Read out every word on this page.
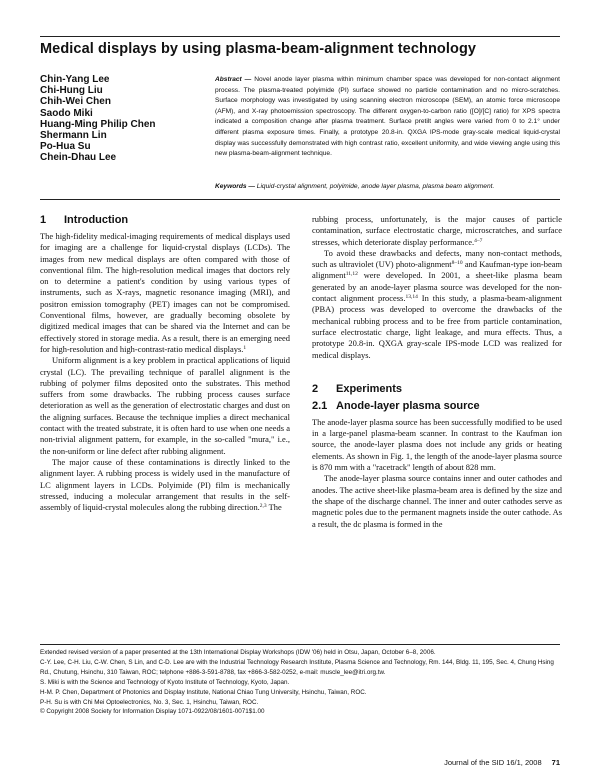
Medical displays by using plasma-beam-alignment technology
Chin-Yang Lee
Chi-Hung Liu
Chih-Wei Chen
Saodo Miki
Huang-Ming Philip Chen
Shermann Lin
Po-Hua Su
Chein-Dhau Lee
Abstract — Novel anode layer plasma within minimum chamber space was developed for non-contact alignment process. The plasma-treated polyimide (PI) surface showed no particle contamination and no micro-scratches. Surface morphology was investigated by using scanning electron microscope (SEM), an atomic force microscope (AFM), and X-ray photoemission spectroscopy. The different oxygen-to-carbon ratio ([O]/[C] ratio) for XPS spectra indicated a composition change after plasma treatment. Surface pretilt angles were varied from 0 to 2.1° under different plasma exposure times. Finally, a prototype 20.8-in. QXGA IPS-mode gray-scale medical liquid-crystal display was successfully demonstrated with high contrast ratio, excellent uniformity, and wide viewing angle using this new plasma-beam-alignment technique.
Keywords — Liquid-crystal alignment, polyimide, anode layer plasma, plasma beam alignment.
1 Introduction

The high-fidelity medical-imaging requirements of medical displays used for imaging are a challenge for liquid-crystal displays (LCDs). The images from new medical displays are often compared with those of conventional film. The high-resolution medical images that doctors rely on to determine a patient's condition by using various types of instruments, such as X-rays, magnetic resonance imaging (MRI), and positron emission tomography (PET) images can not be compromised. Conventional films, however, are gradually becoming obsolete by digitized medical images that can be shared via the Internet and can be effectively stored in storage media. As a result, there is an emerging need for high-resolution and high-contrast-ratio medical displays.$^1$

Uniform alignment is a key problem in practical applications of liquid crystal (LC). The prevailing technique of parallel alignment is the rubbing of polymer films deposited onto the substrates. This method suffers from some drawbacks. The rubbing process causes surface deterioration as well as the generation of electrostatic charges and dust on the aligning surfaces. Because the technique implies a direct mechanical contact with the treated substrate, it is often hard to use when one needs a non-trivial alignment pattern, for example, in the so-called "mura," i.e., the non-uniform or line defect after rubbing alignment.

The major cause of these contaminations is directly linked to the alignment layer. A rubbing process is widely used in the manufacture of LC alignment layers in LCDs. Polyimide (PI) film is mechanically stressed, inducing a molecular arrangement that results in the self-assembly of liquid-crystal molecules along the rubbing direction.$^{2,3}$ The

rubbing process, unfortunately, is the major causes of particle contamination, surface electrostatic charge, microscratches, and surface stresses, which deteriorate display performance.$^{4-7}$

To avoid these drawbacks and defects, many non-contact methods, such as ultraviolet (UV) photo-alignment$^{8-10}$ and Kaufman-type ion-beam alignment$^{11,12}$ were developed. In 2001, a sheet-like plasma beam generated by an anode-layer plasma source was developed for the non-contact alignment process.$^{13,14}$ In this study, a plasma-beam-alignment (PBA) process was developed to overcome the drawbacks of the mechanical rubbing process and to be free from particle contamination, surface electrostatic charge, light leakage, and mura effects. Thus, a prototype 20.8-in. QXGA gray-scale IPS-mode LCD was realized for medical displays.

2 Experiments
2.1 Anode-layer plasma source

The anode-layer plasma source has been successfully modified to be used in a large-panel plasma-beam scanner. In contrast to the Kaufman ion source, the anode-layer plasma does not include any grids or heating elements. As shown in Fig. 1, the length of the anode-layer plasma source is 870 mm with a "racetrack" length of about 828 mm.

The anode-layer plasma source contains inner and outer cathodes and anodes. The active sheet-like plasma-beam area is defined by the size and the shape of the discharge channel. The inner and outer cathodes serve as magnetic poles due to the permanent magnets inside the outer cathode. As a result, the dc plasma is formed in the

Extended revised version of a paper presented at the 13th International Display Workshops (IDW '06) held in Otsu, Japan, October 6–8, 2006.
C-Y. Lee, C-H. Liu, C-W. Chen, S Lin, and C-D. Lee are with the Industrial Technology Research Institute, Plasma Science and Technology, Rm. 144, Bldg. 11, 195, Sec. 4, Chung Hsing Rd., Chutung, Hsinchu, 310 Taiwan, ROC; telphone +886-3-591-8788, fax +866-3-582-0252, e-mail: muscle_lee@itri.org.tw.
S. Miki is with the Science and Technology of Kyoto Institute of Technology, Kyoto, Japan.
H-M. P. Chen, Department of Photonics and Display Institute, National Chiao Tung University, Hsinchu, Taiwan, ROC.
P-H. Su is with Chi Mei Optoelectronics, No. 3, Sec. 1, Hsinchu, Taiwan, ROC.
© Copyright 2008 Society for Information Display 1071-0922/08/1601-0071$1.00
Journal of the SID 16/1, 2008 71
